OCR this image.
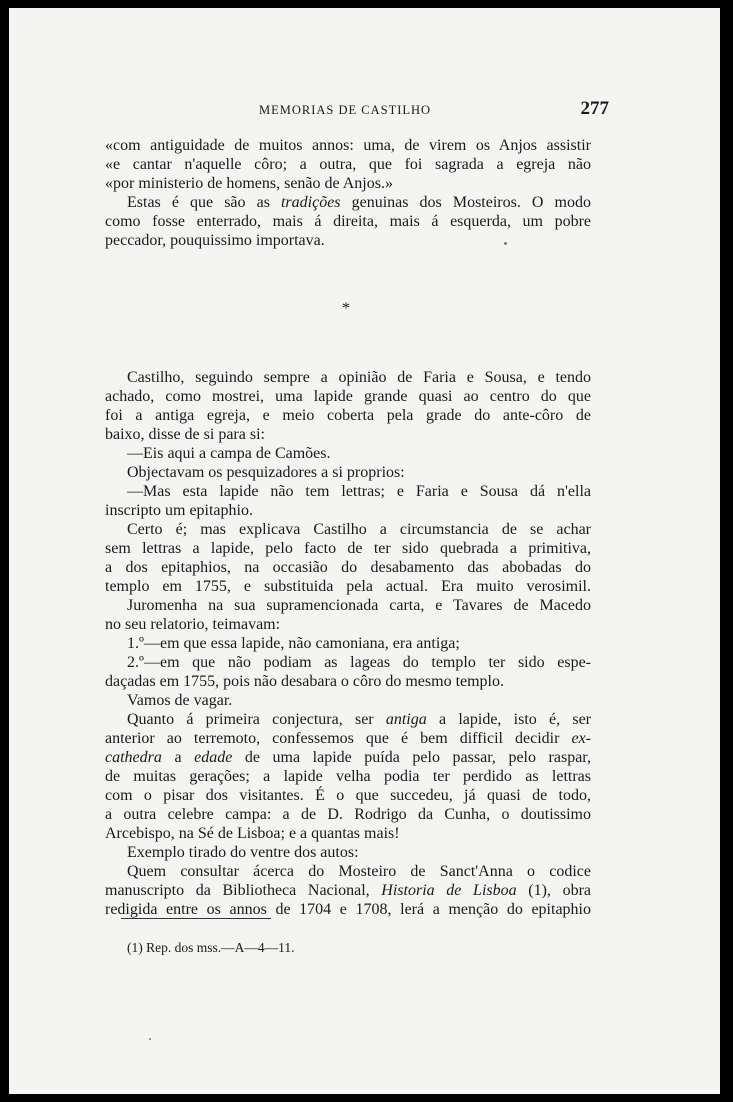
MEMORIAS DE CASTILHO	277
«com antiguidade de muitos annos: uma, de virem os Anjos assistir
«e cantar n'aquelle côro; a outra, que foi sagrada a egreja não
«por ministerio de homens, senão de Anjos.»
Estas é que são as tradições genuinas dos Mosteiros. O modo
como fosse enterrado, mais á direita, mais á esquerda, um pobre
peccador, pouquissimo importava.
*
Castilho, seguindo sempre a opinião de Faria e Sousa, e tendo
achado, como mostrei, uma lapide grande quasi ao centro do que
foi a antiga egreja, e meio coberta pela grade do ante-côro de
baixo, disse de si para si:
—Eis aqui a campa de Camões.
Objectavam os pesquizadores a si proprios:
—Mas esta lapide não tem lettras; e Faria e Sousa dá n'ella
inscripto um epitaphio.
Certo é; mas explicava Castilho a circumstancia de se achar
sem lettras a lapide, pelo facto de ter sido quebrada a primitiva,
a dos epitaphios, na occasião do desabamento das abobadas do
templo em 1755, e substituida pela actual. Era muito verosimil.
Juromenha na sua supramencionada carta, e Tavares de Macedo
no seu relatorio, teimavam:
1.º—em que essa lapide, não camoniana, era antiga;
2.º—em que não podiam as lageas do templo ter sido espe-
daçadas em 1755, pois não desabara o côro do mesmo templo.
Vamos de vagar.
Quanto á primeira conjectura, ser antiga a lapide, isto é, ser
anterior ao terremoto, confessemos que é bem difficil decidir ex-
cathedra a edade de uma lapide puída pelo passar, pelo raspar,
de muitas gerações; a lapide velha podia ter perdido as lettras
com o pisar dos visitantes. É o que succedeu, já quasi de todo,
a outra celebre campa: a de D. Rodrigo da Cunha, o doutissimo
Arcebispo, na Sé de Lisboa; e a quantas mais!
Exemplo tirado do ventre dos autos:
Quem consultar ácerca do Mosteiro de Sanct'Anna o codice
manuscripto da Bibliotheca Nacional, Historia de Lisboa (1), obra
redigida entre os annos de 1704 e 1708, lerá a menção do epitaphio
(1) Rep. dos mss.—A—4—11.
